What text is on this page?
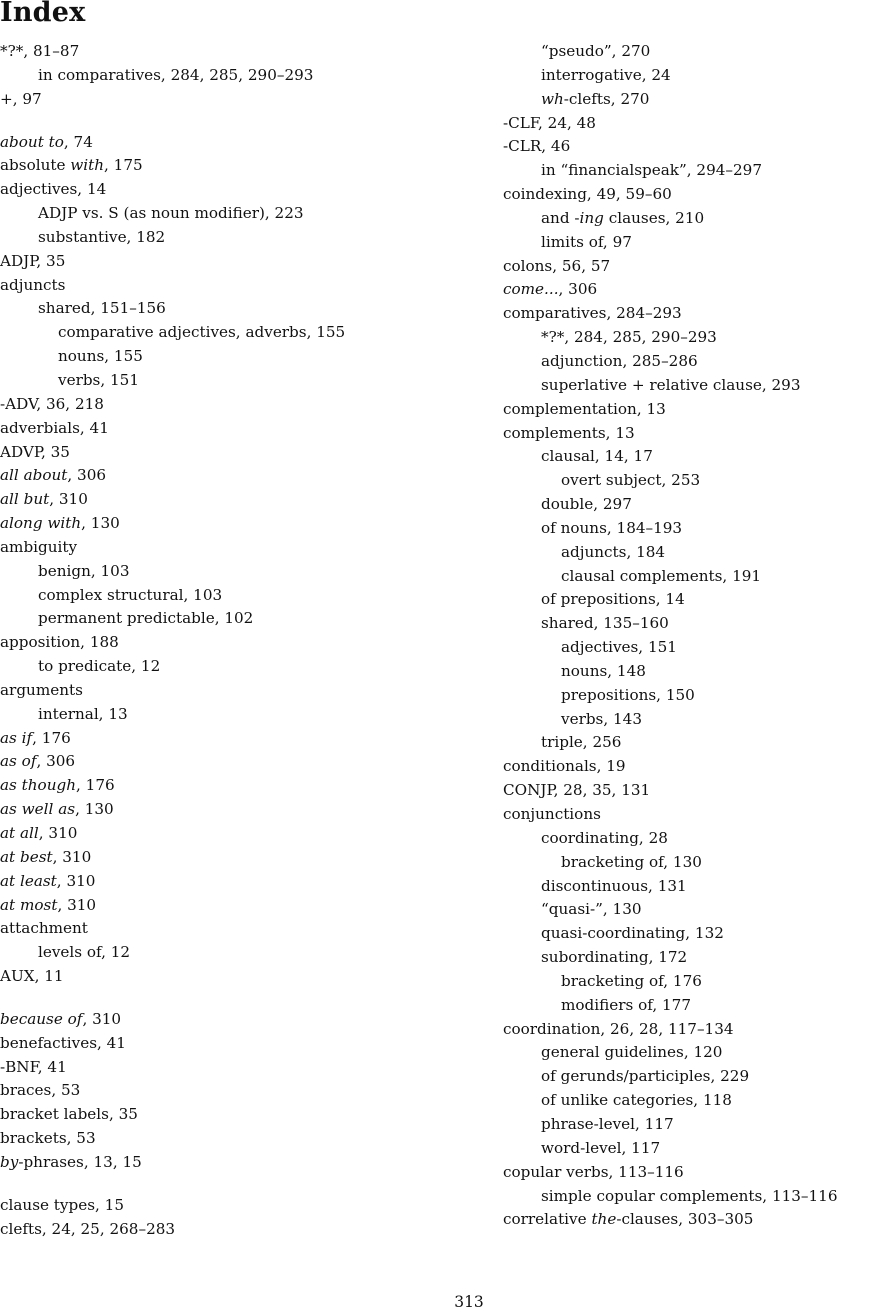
Index
*?*, 81–87
in comparatives, 284, 285, 290–293
+, 97
about to, 74
absolute with, 175
adjectives, 14
ADJP vs. S (as noun modifier), 223
substantive, 182
ADJP, 35
adjuncts
shared, 151–156
comparative adjectives, adverbs, 155
nouns, 155
verbs, 151
-ADV, 36, 218
adverbials, 41
ADVP, 35
all about, 306
all but, 310
along with, 130
ambiguity
benign, 103
complex structural, 103
permanent predictable, 102
apposition, 188
to predicate, 12
arguments
internal, 13
as if, 176
as of, 306
as though, 176
as well as, 130
at all, 310
at best, 310
at least, 310
at most, 310
attachment
levels of, 12
AUX, 11
because of, 310
benefactives, 41
-BNF, 41
braces, 53
bracket labels, 35
brackets, 53
by-phrases, 13, 15
clause types, 15
clefts, 24, 25, 268–283
“pseudo”, 270
interrogative, 24
wh-clefts, 270
-CLF, 24, 48
-CLR, 46
in “financialspeak”, 294–297
coindexing, 49, 59–60
and -ing clauses, 210
limits of, 97
colons, 56, 57
come..., 306
comparatives, 284–293
*?*, 284, 285, 290–293
adjunction, 285–286
superlative + relative clause, 293
complementation, 13
complements, 13
clausal, 14, 17
overt subject, 253
double, 297
of nouns, 184–193
adjuncts, 184
clausal complements, 191
of prepositions, 14
shared, 135–160
adjectives, 151
nouns, 148
prepositions, 150
verbs, 143
triple, 256
conditionals, 19
CONJP, 28, 35, 131
conjunctions
coordinating, 28
bracketing of, 130
discontinuous, 131
“quasi-”, 130
quasi-coordinating, 132
subordinating, 172
bracketing of, 176
modifiers of, 177
coordination, 26, 28, 117–134
general guidelines, 120
of gerunds/participles, 229
of unlike categories, 118
phrase-level, 117
word-level, 117
copular verbs, 113–116
simple copular complements, 113–116
correlative the-clauses, 303–305
313
